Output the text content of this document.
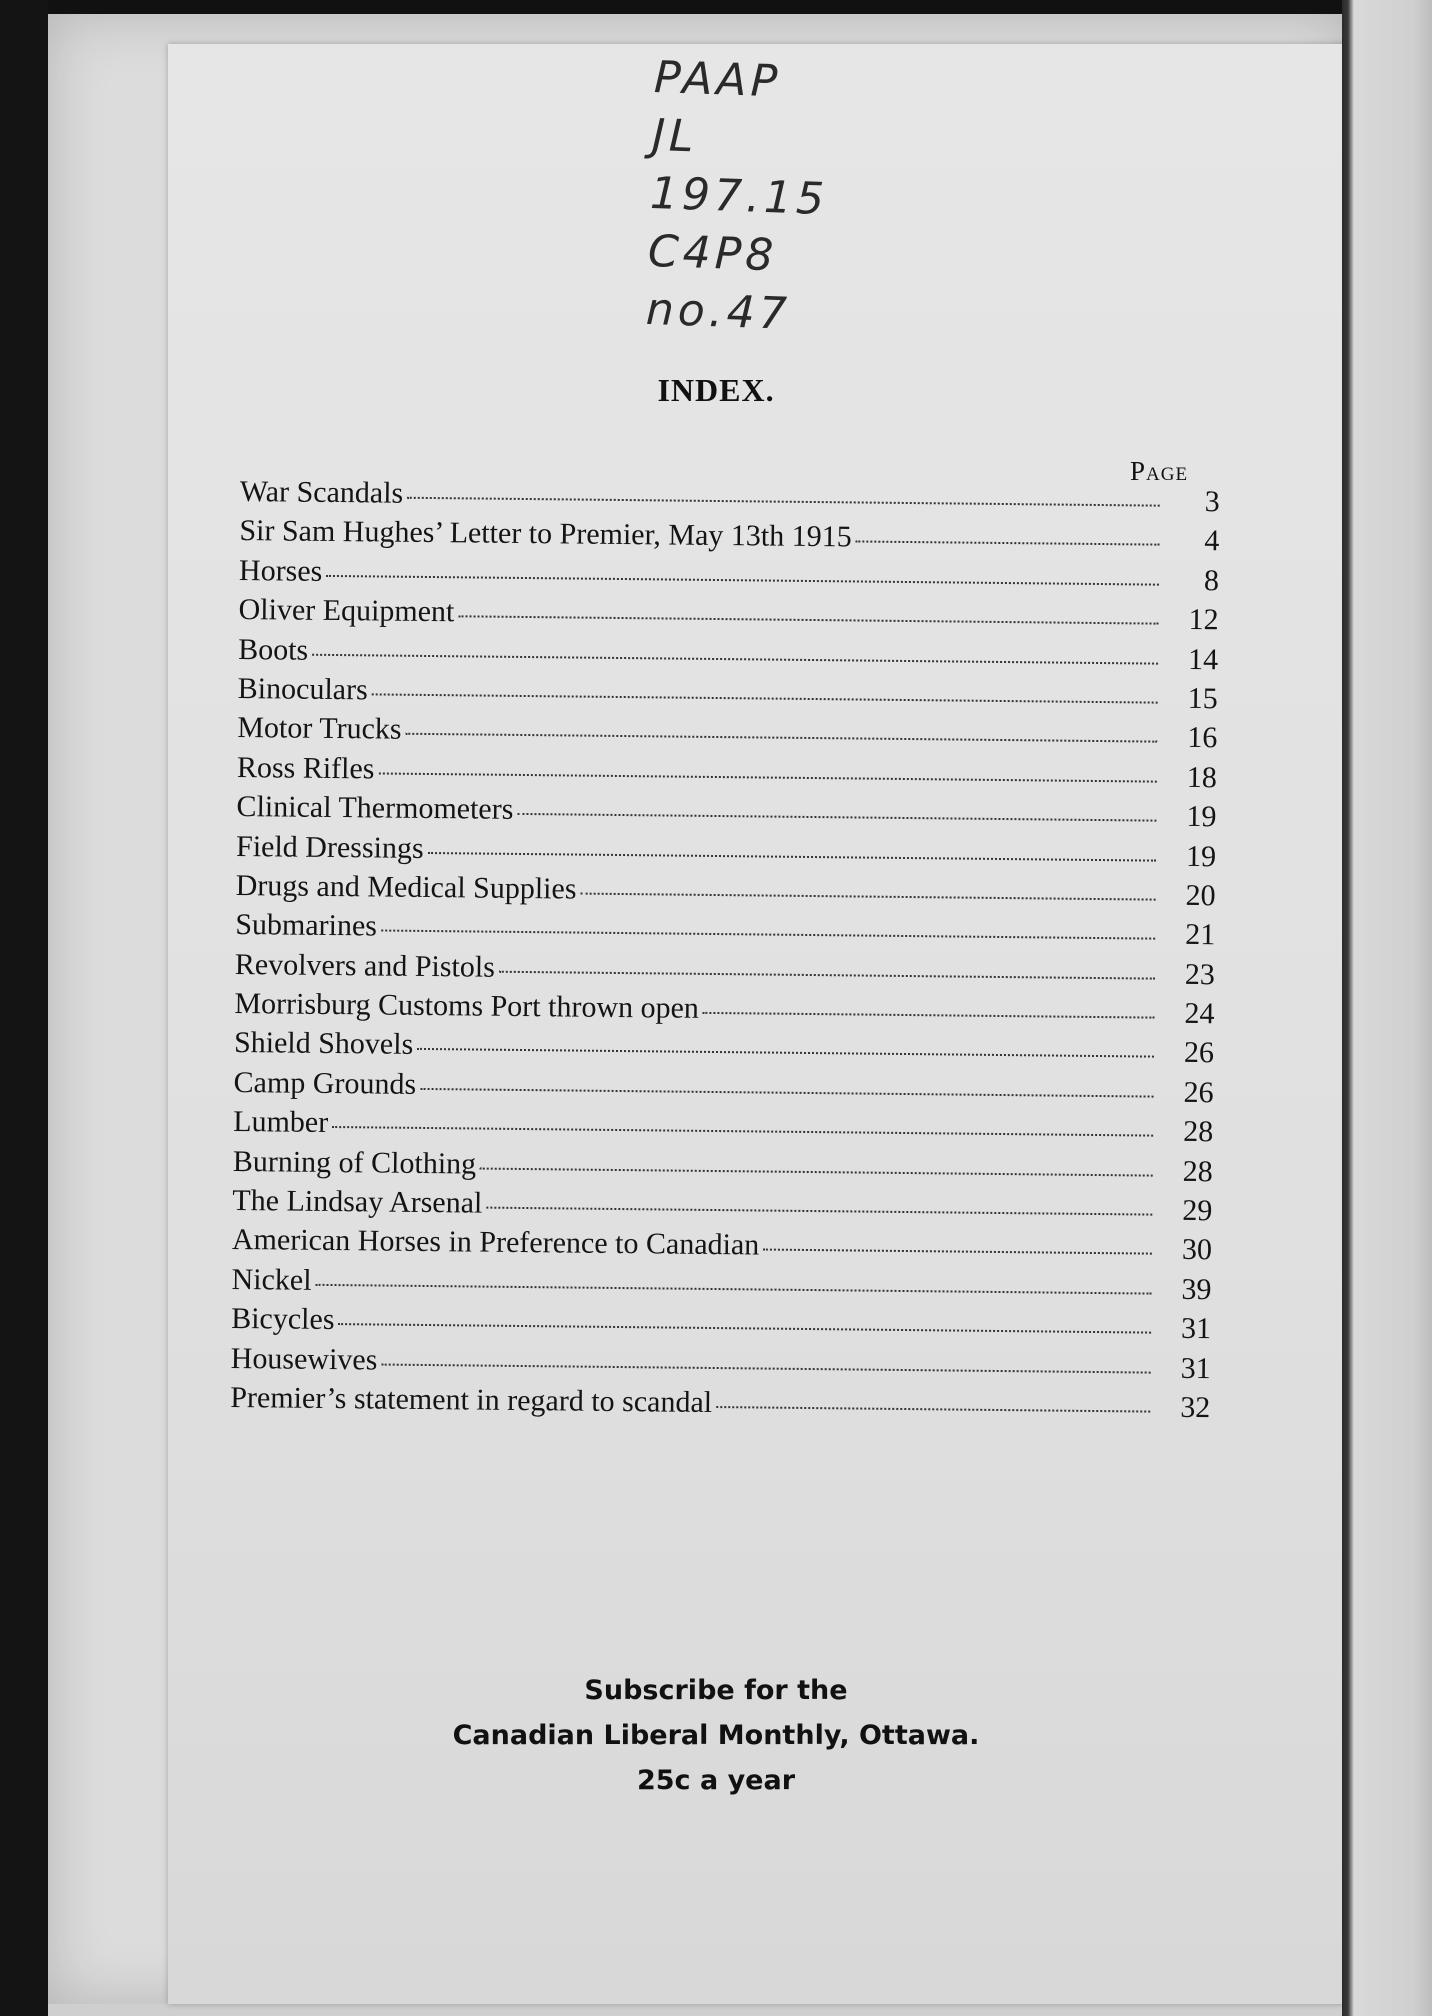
PAAP
JL
197.15
C4P8
no.47
INDEX.
Page
War Scandals	3
Sir Sam Hughes’ Letter to Premier, May 13th 1915	4
Horses	8
Oliver Equipment	12
Boots	14
Binoculars	15
Motor Trucks	16
Ross Rifles	18
Clinical Thermometers	19
Field Dressings	19
Drugs and Medical Supplies	20
Submarines	21
Revolvers and Pistols	23
Morrisburg Customs Port thrown open	24
Shield Shovels	26
Camp Grounds	26
Lumber	28
Burning of Clothing	28
The Lindsay Arsenal	29
American Horses in Preference to Canadian	30
Nickel	39
Bicycles	31
Housewives	31
Premier’s statement in regard to scandal	32
Subscribe for the
Canadian Liberal Monthly, Ottawa.
25c a year
